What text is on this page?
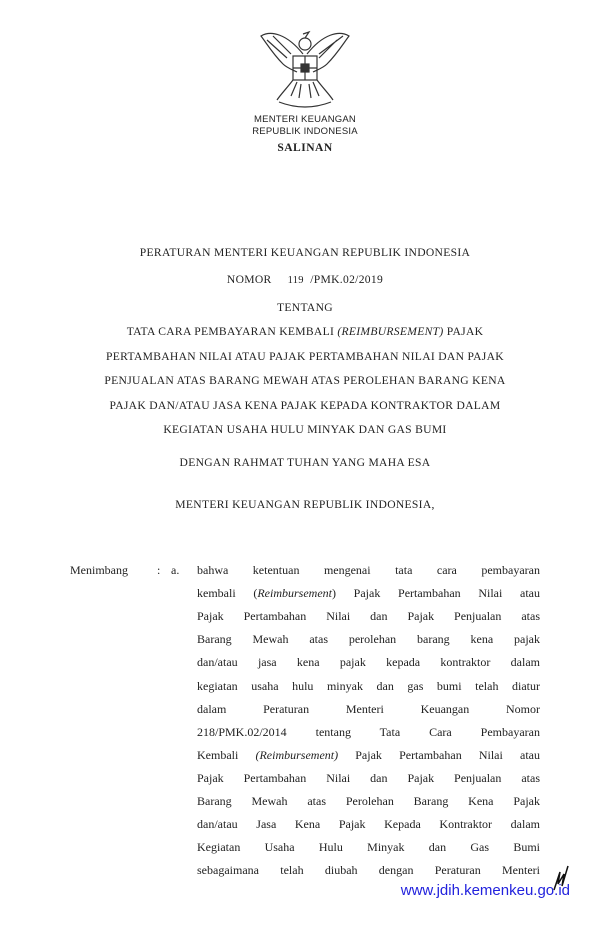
MENTERI KEUANGAN
REPUBLIK INDONESIA
SALINAN
PERATURAN MENTERI KEUANGAN REPUBLIK INDONESIA
NOMOR 119 /PMK.02/2019
TENTANG
TATA CARA PEMBAYARAN KEMBALI (REIMBURSEMENT) PAJAK
PERTAMBAHAN NILAI ATAU PAJAK PERTAMBAHAN NILAI DAN PAJAK
PENJUALAN ATAS BARANG MEWAH ATAS PEROLEHAN BARANG KENA
PAJAK DAN/ATAU JASA KENA PAJAK KEPADA KONTRAKTOR DALAM
KEGIATAN USAHA HULU MINYAK DAN GAS BUMI
DENGAN RAHMAT TUHAN YANG MAHA ESA
MENTERI KEUANGAN REPUBLIK INDONESIA,
Menimbang : a. bahwa ketentuan mengenai tata cara pembayaran
kembali (Reimbursement) Pajak Pertambahan Nilai atau
Pajak Pertambahan Nilai dan Pajak Penjualan atas
Barang Mewah atas perolehan barang kena pajak
dan/atau jasa kena pajak kepada kontraktor dalam
kegiatan usaha hulu minyak dan gas bumi telah diatur
dalam Peraturan Menteri Keuangan Nomor
218/PMK.02/2014 tentang Tata Cara Pembayaran
Kembali (Reimbursement) Pajak Pertambahan Nilai atau
Pajak Pertambahan Nilai dan Pajak Penjualan atas
Barang Mewah atas Perolehan Barang Kena Pajak
dan/atau Jasa Kena Pajak Kepada Kontraktor dalam
Kegiatan Usaha Hulu Minyak dan Gas Bumi
sebagaimana telah diubah dengan Peraturan Menteri
www.jdih.kemenkeu.go.id
